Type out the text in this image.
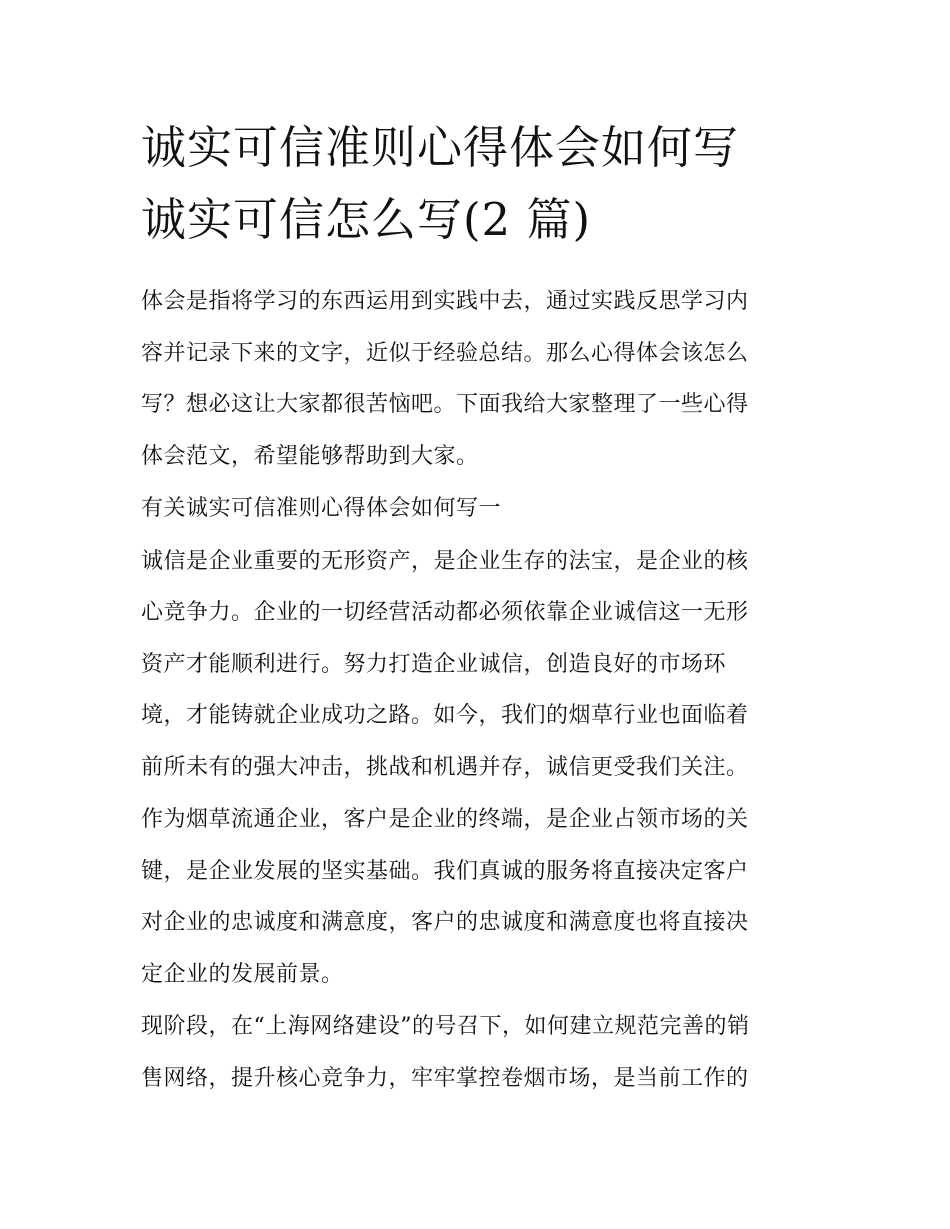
诚实可信准则心得体会如何写
诚实可信怎么写(2 篇)

体会是指将学习的东西运用到实践中去，通过实践反思学习内
容并记录下来的文字，近似于经验总结。那么心得体会该怎么
写？想必这让大家都很苦恼吧。下面我给大家整理了一些心得
体会范文，希望能够帮助到大家。

有关诚实可信准则心得体会如何写一

诚信是企业重要的无形资产，是企业生存的法宝，是企业的核
心竞争力。企业的一切经营活动都必须依靠企业诚信这一无形
资产才能顺利进行。努力打造企业诚信，创造良好的市场环
境，才能铸就企业成功之路。如今，我们的烟草行业也面临着
前所未有的强大冲击，挑战和机遇并存，诚信更受我们关注。

作为烟草流通企业，客户是企业的终端，是企业占领市场的关
键，是企业发展的坚实基础。我们真诚的服务将直接决定客户
对企业的忠诚度和满意度，客户的忠诚度和满意度也将直接决
定企业的发展前景。

现阶段，在“上海网络建设”的号召下，如何建立规范完善的销
售网络，提升核心竞争力，牢牢掌控卷烟市场，是当前工作的
